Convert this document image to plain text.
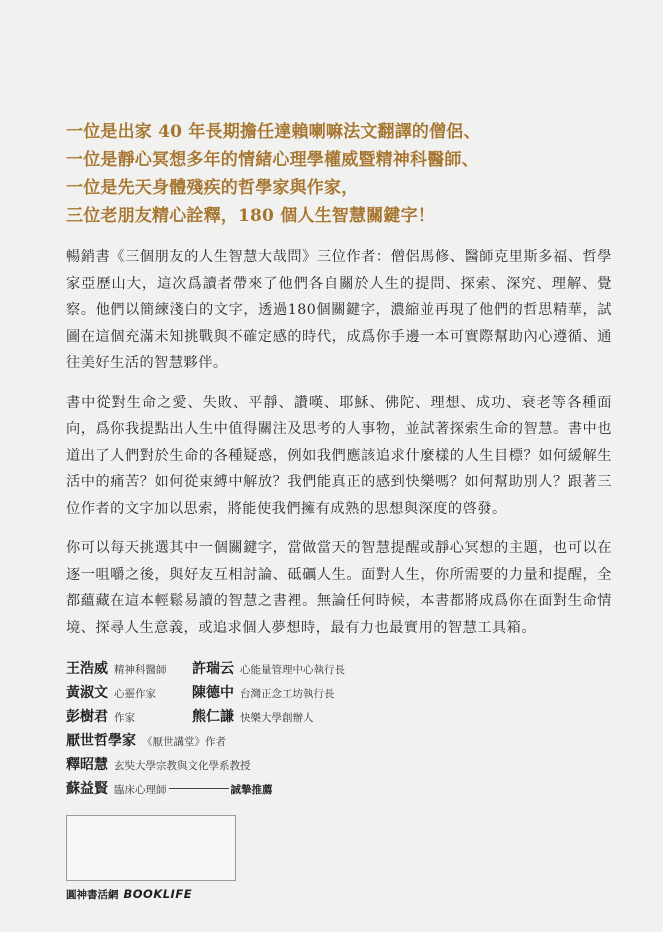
一位是出家 40 年長期擔任達賴喇嘛法文翻譯的僧侶、
一位是靜心冥想多年的情緒心理學權威暨精神科醫師、
一位是先天身體殘疾的哲學家與作家，
三位老朋友精心詮釋，180 個人生智慧關鍵字！

暢銷書《三個朋友的人生智慧大哉問》三位作者：僧侶馬修、醫師克里斯多福、哲學家亞歷山大，這次爲讀者帶來了他們各自關於人生的提問、探索、深究、理解、覺察。他們以簡練淺白的文字，透過180個關鍵字，濃縮並再現了他們的哲思精華，試圖在這個充滿未知挑戰與不確定感的時代，成爲你手邊一本可實際幫助內心遵循、通往美好生活的智慧夥伴。

書中從對生命之愛、失敗、平靜、讚嘆、耶穌、佛陀、理想、成功、衰老等各種面向，爲你我提點出人生中值得關注及思考的人事物，並試著探索生命的智慧。書中也道出了人們對於生命的各種疑惑，例如我們應該追求什麼樣的人生目標？如何緩解生活中的痛苦？如何從束縛中解放？我們能真正的感到快樂嗎？如何幫助別人？跟著三位作者的文字加以思索，將能使我們擁有成熟的思想與深度的啓發。

你可以每天挑選其中一個關鍵字，當做當天的智慧提醒或靜心冥想的主題，也可以在逐一咀嚼之後，與好友互相討論、砥礪人生。面對人生，你所需要的力量和提醒，全都蘊藏在這本輕鬆易讀的智慧之書裡。無論任何時候，本書都將成爲你在面對生命情境、探尋人生意義，或追求個人夢想時，最有力也最實用的智慧工具箱。

王浩威 精神科醫師 許瑞云 心能量管理中心執行長
黃淑文 心靈作家	陳德中 台灣正念工坊執行長
彭樹君 作家	熊仁謙 快樂大學創辦人
厭世哲學家 《厭世講堂》作者
釋昭慧 玄奘大學宗教與文化學系教授
蘇益賢 臨床心理師	誠摯推薦
圓神書活網 BOOKLIFE
